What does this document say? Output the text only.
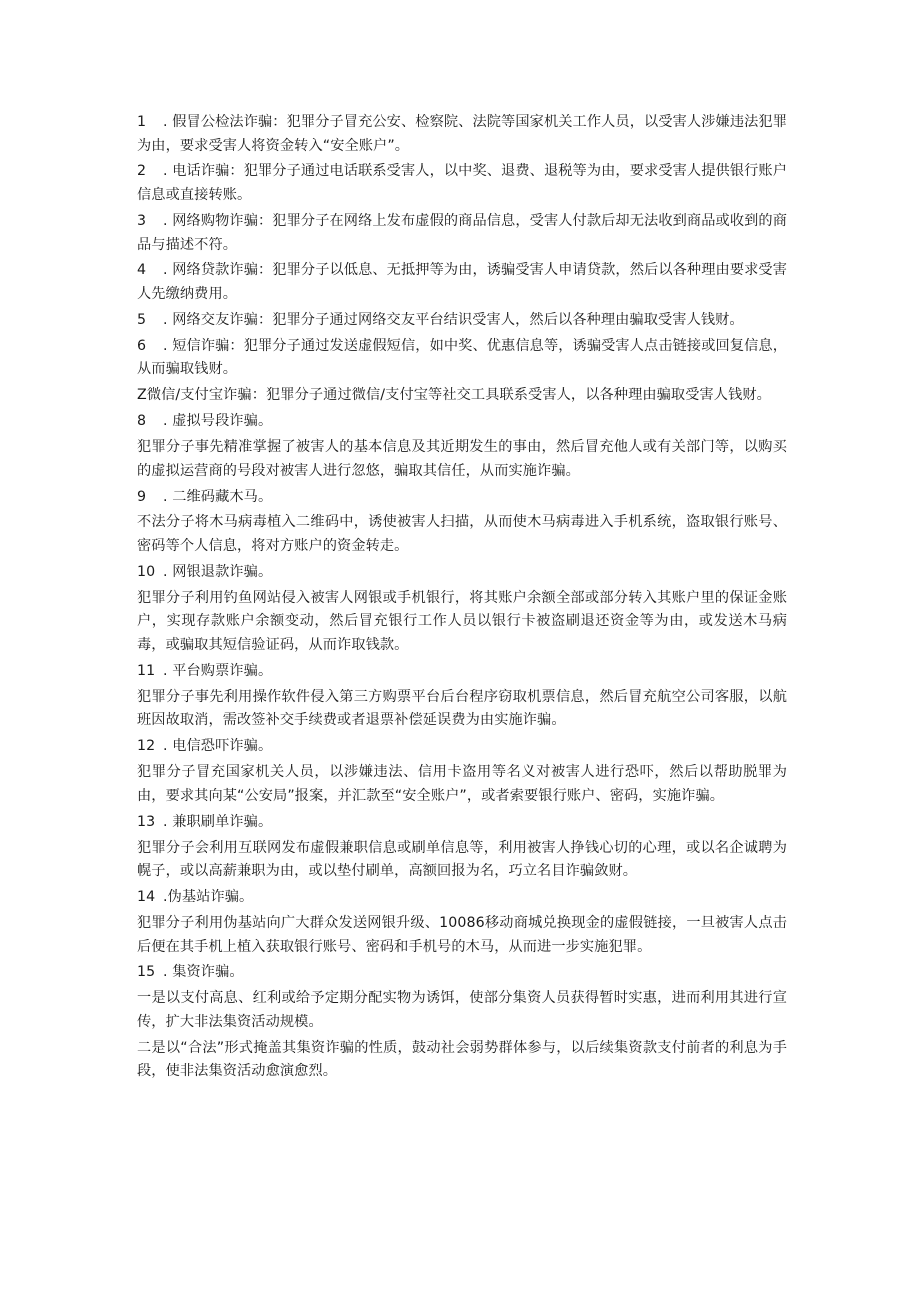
1 . 假冒公检法诈骗：犯罪分子冒充公安、检察院、法院等国家机关工作人员，以受害人涉嫌违法犯罪为由，要求受害人将资金转入“安全账户”。

2 . 电话诈骗：犯罪分子通过电话联系受害人，以中奖、退费、退税等为由，要求受害人提供银行账户信息或直接转账。

3 . 网络购物诈骗：犯罪分子在网络上发布虚假的商品信息，受害人付款后却无法收到商品或收到的商品与描述不符。

4 . 网络贷款诈骗：犯罪分子以低息、无抵押等为由，诱骗受害人申请贷款，然后以各种理由要求受害人先缴纳费用。

5 . 网络交友诈骗：犯罪分子通过网络交友平台结识受害人，然后以各种理由骗取受害人钱财。

6 . 短信诈骗：犯罪分子通过发送虚假短信，如中奖、优惠信息等，诱骗受害人点击链接或回复信息，从而骗取钱财。

Z微信/支付宝诈骗：犯罪分子通过微信/支付宝等社交工具联系受害人，以各种理由骗取受害人钱财。

8 . 虚拟号段诈骗。

犯罪分子事先精准掌握了被害人的基本信息及其近期发生的事由，然后冒充他人或有关部门等，以购买的虚拟运营商的号段对被害人进行忽悠，骗取其信任，从而实施诈骗。

9 . 二维码藏木马。

不法分子将木马病毒植入二维码中，诱使被害人扫描，从而使木马病毒进入手机系统，盗取银行账号、密码等个人信息，将对方账户的资金转走。

10 . 网银退款诈骗。

犯罪分子利用钓鱼网站侵入被害人网银或手机银行，将其账户余额全部或部分转入其账户里的保证金账户，实现存款账户余额变动，然后冒充银行工作人员以银行卡被盗刷退还资金等为由，或发送木马病毒，或骗取其短信验证码，从而诈取钱款。

11 . 平台购票诈骗。

犯罪分子事先利用操作软件侵入第三方购票平台后台程序窃取机票信息，然后冒充航空公司客服，以航班因故取消，需改签补交手续费或者退票补偿延误费为由实施诈骗。

12 . 电信恐吓诈骗。

犯罪分子冒充国家机关人员，以涉嫌违法、信用卡盗用等名义对被害人进行恐吓，然后以帮助脱罪为由，要求其向某“公安局”报案，并汇款至“安全账户”，或者索要银行账户、密码，实施诈骗。

13 . 兼职刷单诈骗。

犯罪分子会利用互联网发布虚假兼职信息或刷单信息等，利用被害人挣钱心切的心理，或以名企诚聘为幌子，或以高薪兼职为由，或以垫付刷单，高额回报为名，巧立名目诈骗敛财。

14 .伪基站诈骗。

犯罪分子利用伪基站向广大群众发送网银升级、10086移动商城兑换现金的虚假链接，一旦被害人点击后便在其手机上植入获取银行账号、密码和手机号的木马，从而进一步实施犯罪。

15 . 集资诈骗。

一是以支付高息、红利或给予定期分配实物为诱饵，使部分集资人员获得暂时实惠，进而利用其进行宣传，扩大非法集资活动规模。

二是以“合法”形式掩盖其集资诈骗的性质，鼓动社会弱势群体参与，以后续集资款支付前者的利息为手段，使非法集资活动愈演愈烈。
